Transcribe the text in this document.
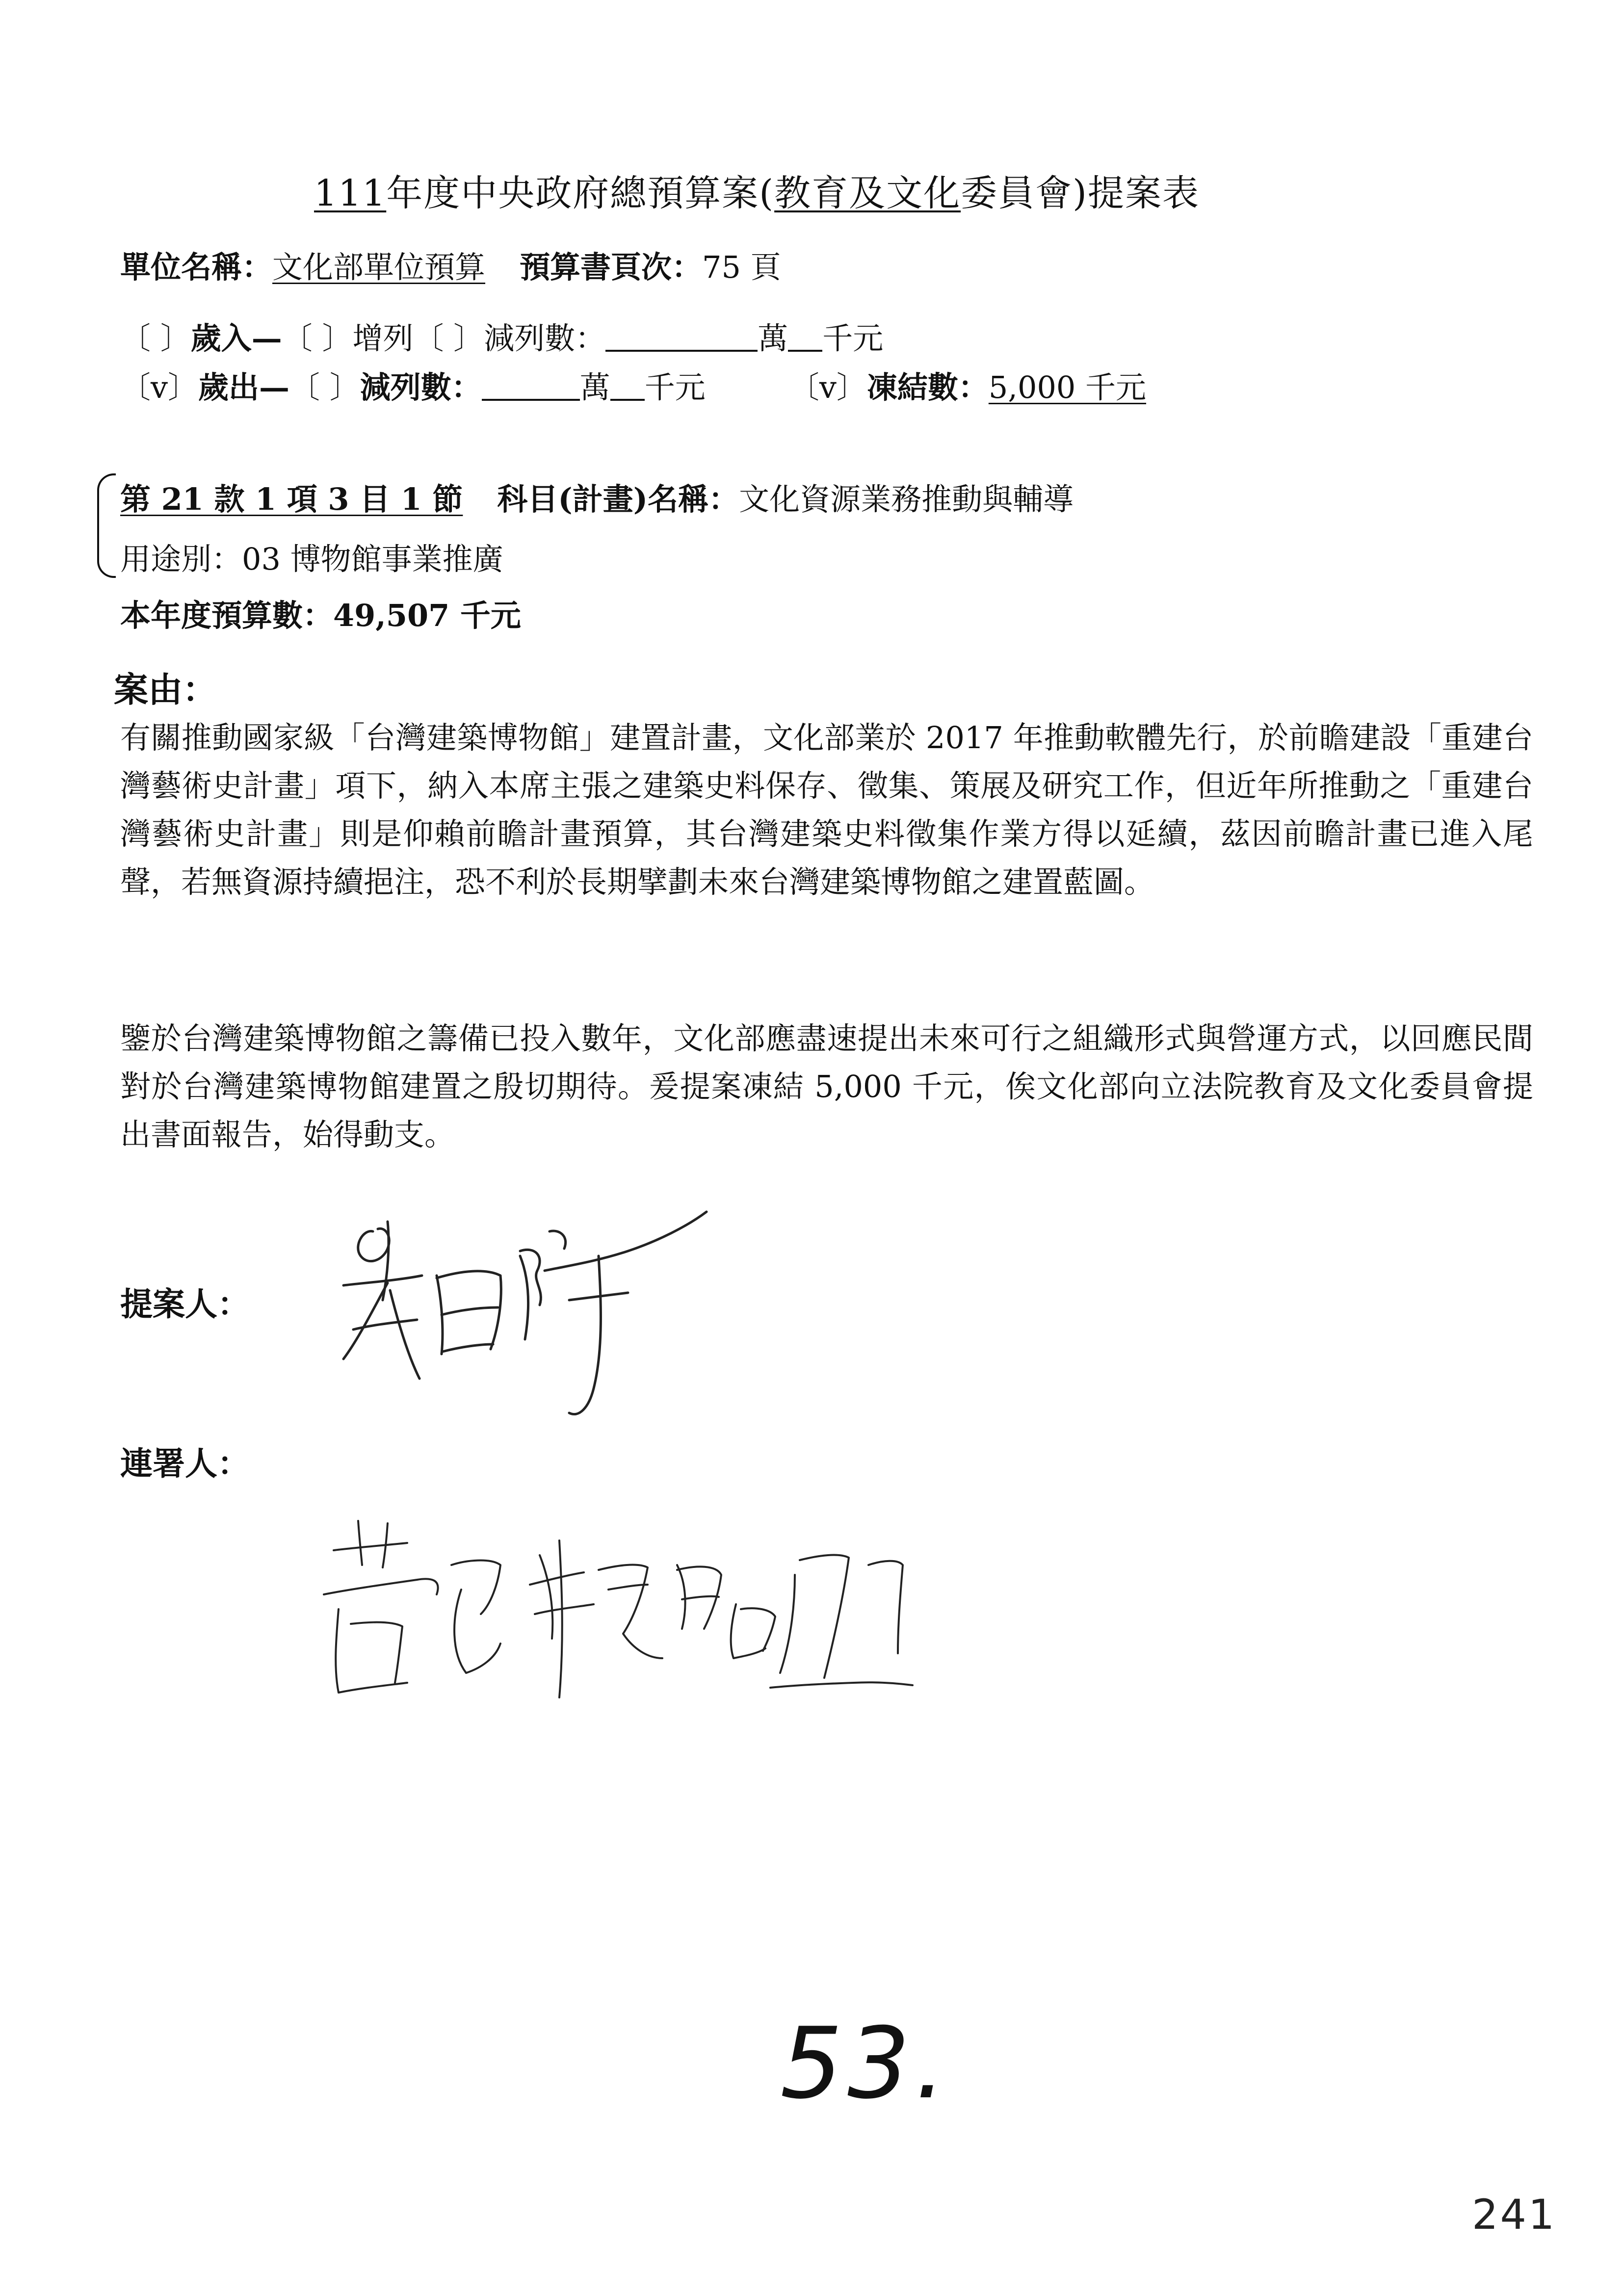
111年度中央政府總預算案(教育及文化委員會)提案表
單位名稱：文化部單位預算 預算書頁次：75 頁
〔 〕歲入—〔 〕增列〔 〕減列數：	萬 千元
〔v〕歲出—〔 〕減列數：	萬 千元	〔v〕凍結數：5,000 千元
第 21 款 1 項 3 目 1 節 科目(計畫)名稱：文化資源業務推動與輔導
用途別：03 博物館事業推廣
本年度預算數：49,507 千元
案由：
有關推動國家級「台灣建築博物館」建置計畫，文化部業於 2017 年推動軟體先行，於前瞻建設「重建台灣藝術史計畫」項下，納入本席主張之建築史料保存、徵集、策展及研究工作，但近年所推動之「重建台灣藝術史計畫」則是仰賴前瞻計畫預算，其台灣建築史料徵集作業方得以延續，茲因前瞻計畫已進入尾聲，若無資源持續挹注，恐不利於長期擘劃未來台灣建築博物館之建置藍圖。
鑒於台灣建築博物館之籌備已投入數年，文化部應盡速提出未來可行之組織形式與營運方式，以回應民間對於台灣建築博物館建置之殷切期待。爰提案凍結 5,000 千元，俟文化部向立法院教育及文化委員會提出書面報告，始得動支。
提案人：
連署人：
53.
241
